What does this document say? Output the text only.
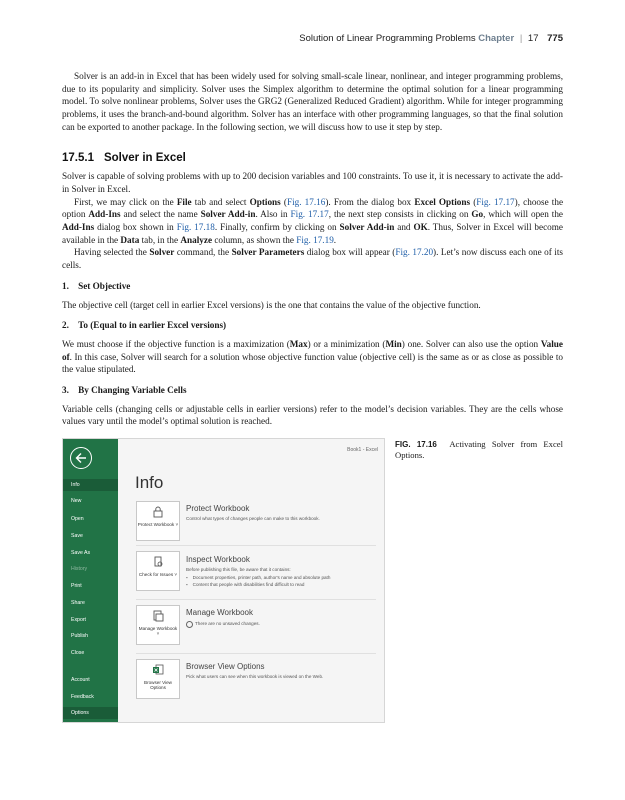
Solution of Linear Programming Problems Chapter | 17 775

Solver is an add-in in Excel that has been widely used for solving small-scale linear, nonlinear, and integer programming problems, due to its popularity and simplicity. Solver uses the Simplex algorithm to determine the optimal solution for a linear programming model. To solve nonlinear problems, Solver uses the GRG2 (Generalized Reduced Gradient) algorithm. While for integer programming problems, it uses the branch-and-bound algorithm. Solver has an interface with other programming languages, so that the final solution can be exported to another package. In the following section, we will discuss how to use it step by step.

17.5.1 Solver in Excel

Solver is capable of solving problems with up to 200 decision variables and 100 constraints. To use it, it is necessary to activate the add-in Solver in Excel.

First, we may click on the File tab and select Options (Fig. 17.16). From the dialog box Excel Options (Fig. 17.17), choose the option Add-Ins and select the name Solver Add-in. Also in Fig. 17.17, the next step consists in clicking on Go, which will open the Add-Ins dialog box shown in Fig. 17.18. Finally, confirm by clicking on Solver Add-in and OK. Thus, Solver in Excel will become available in the Data tab, in the Analyze column, as shown the Fig. 17.19.

Having selected the Solver command, the Solver Parameters dialog box will appear (Fig. 17.20). Let’s now discuss each one of its cells.

1. Set Objective

The objective cell (target cell in earlier Excel versions) is the one that contains the value of the objective function.

2. To (Equal to in earlier Excel versions)

We must choose if the objective function is a maximization (Max) or a minimization (Min) one. Solver can also use the option Value of. In this case, Solver will search for a solution whose objective function value (objective cell) is the same as or as close as possible to the value stipulated.

3. By Changing Variable Cells

Variable cells (changing cells or adjustable cells in earlier versions) refer to the model’s decision variables. They are the cells whose values vary until the model’s optimal solution is reached.

Info
New
Open
Save
Save As
History
Print
Share
Export
Publish
Close
Account
Feedback
Options
Book1 - Excel
Info
Protect Workbook ˅
Protect Workbook
Control what types of changes people can make to this workbook.
Check for Issues ˅
Inspect Workbook
Before publishing this file, be aware that it contains:
▪ Document properties, printer path, author's name and absolute path
▪ Content that people with disabilities find difficult to read
Manage Workbook ˅
Manage Workbook
There are no unsaved changes.
Browser View Options
Browser View Options
Pick what users can see when this workbook is viewed on the Web.
FIG. 17.16 Activating Solver from Excel Options.
